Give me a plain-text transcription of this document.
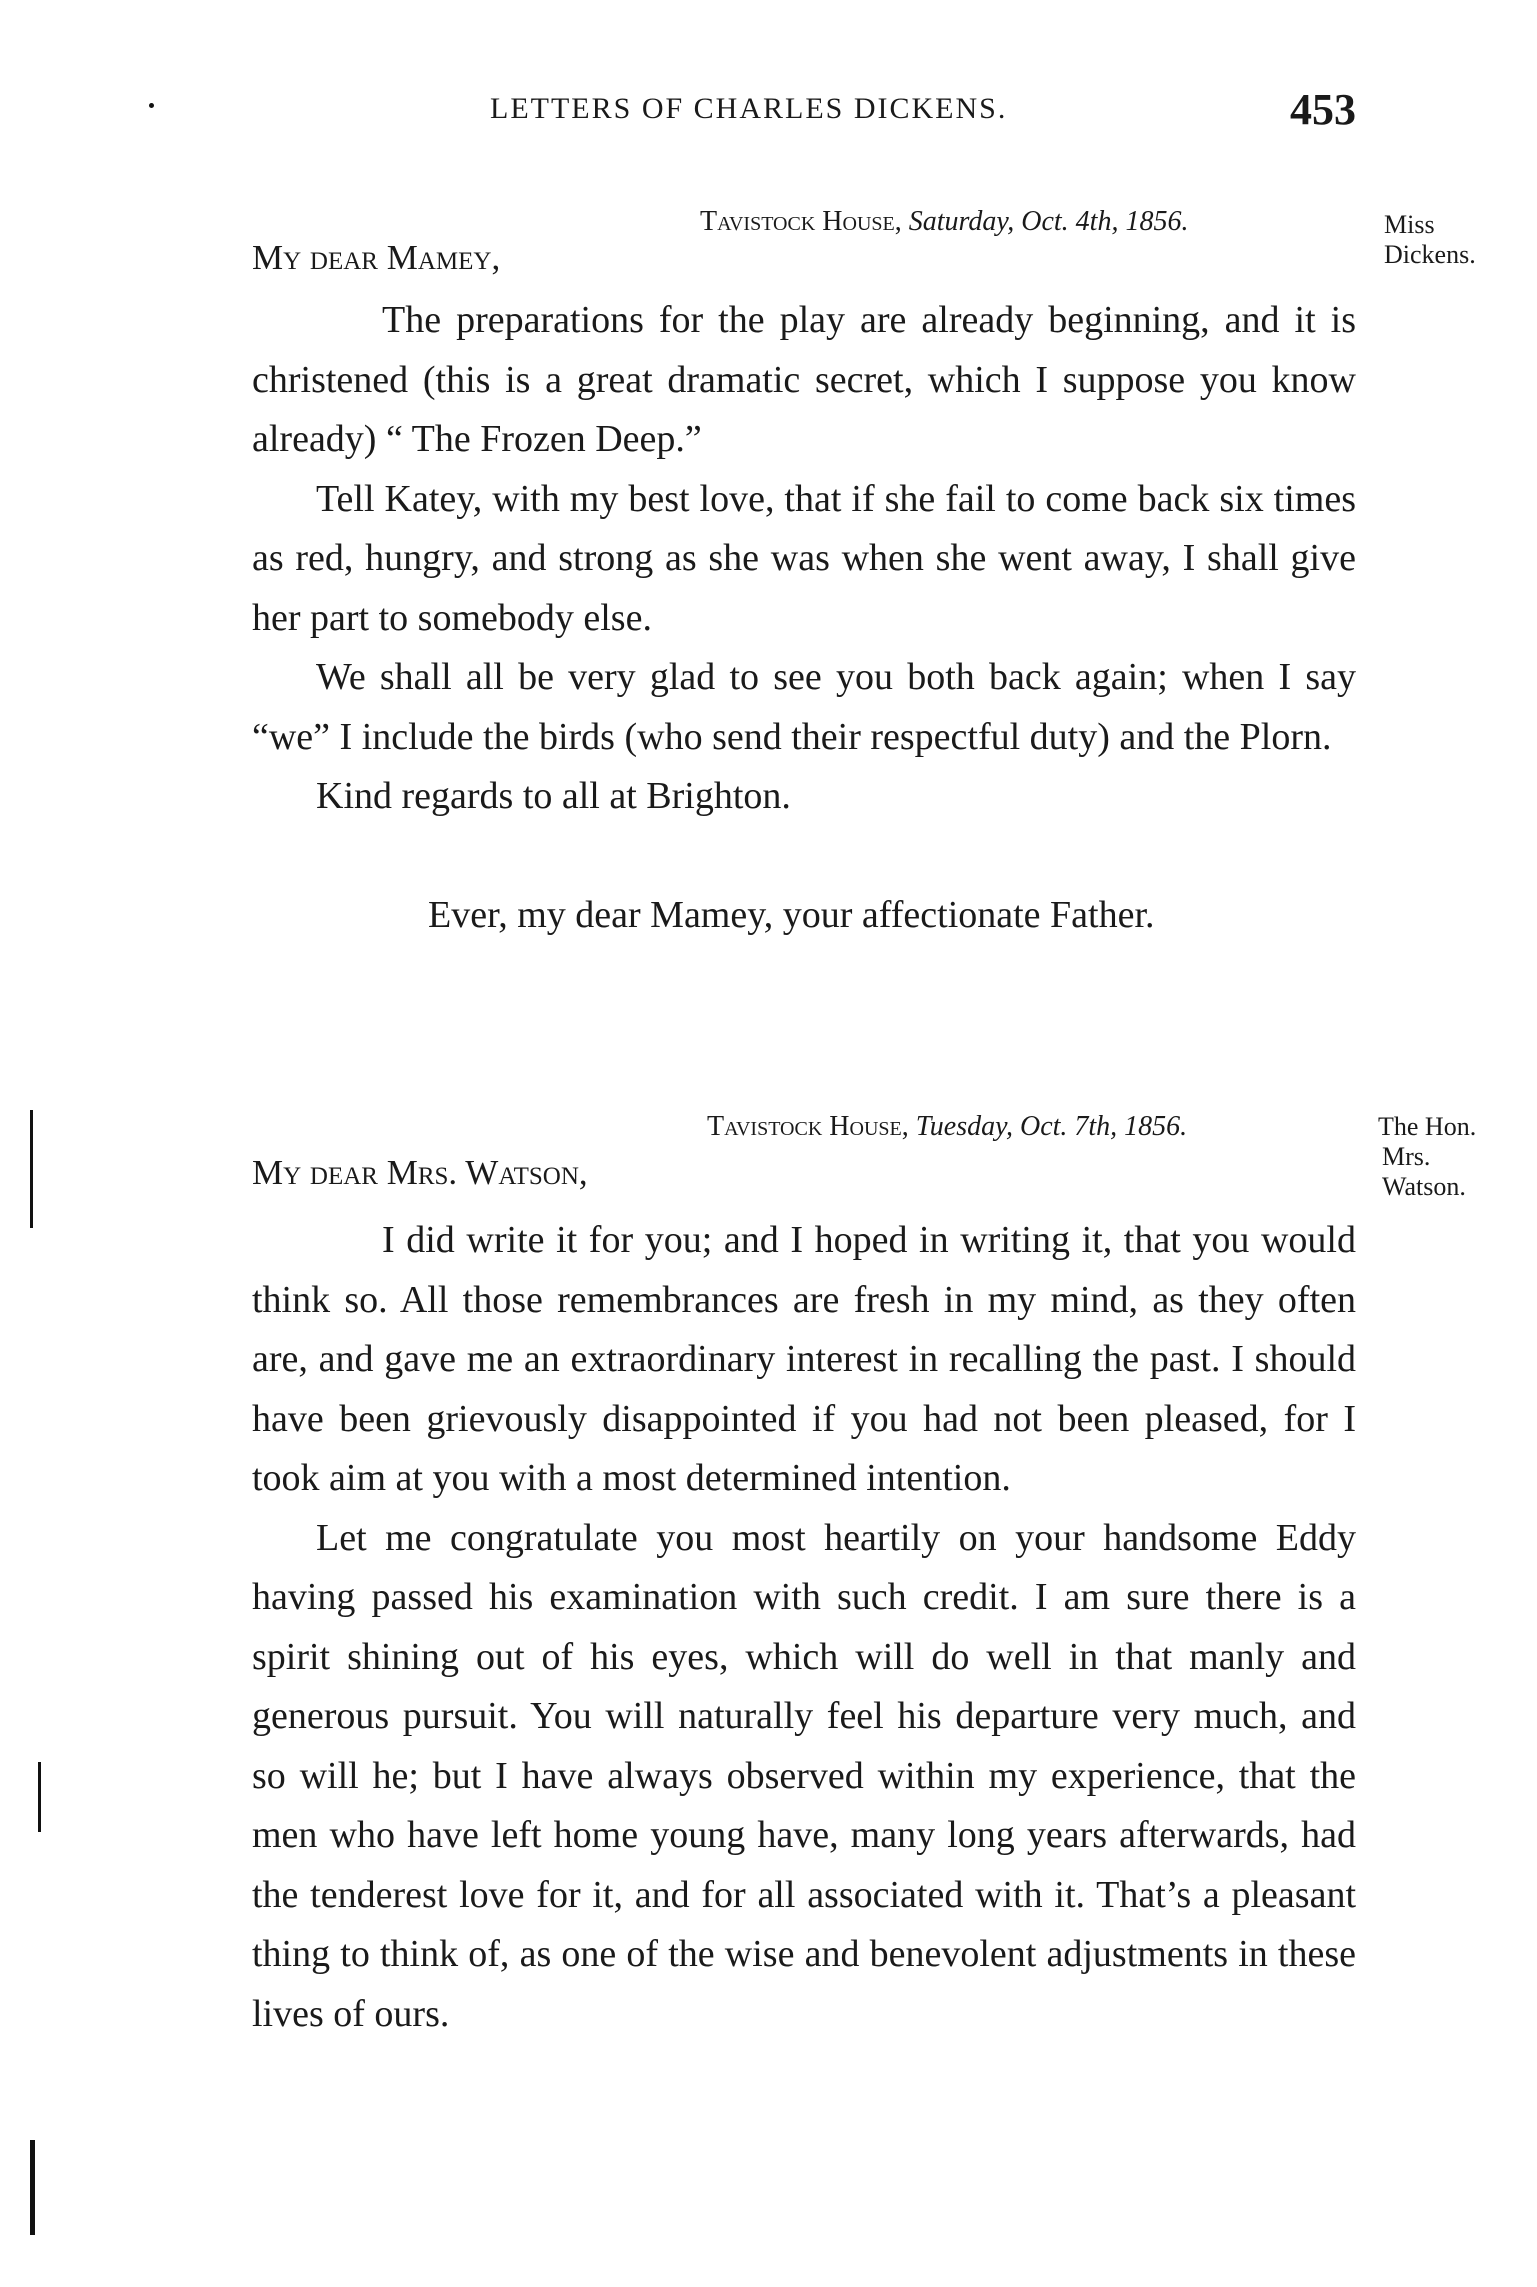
LETTERS OF CHARLES DICKENS.	453
Tavistock House, Saturday, Oct. 4th, 1856.	Miss
Dickens.
My dear Mamey,

The preparations for the play are already beginning, and it is christened (this is a great dramatic secret, which I suppose you know already) “ The Frozen Deep.”

Tell Katey, with my best love, that if she fail to come back six times as red, hungry, and strong as she was when she went away, I shall give her part to somebody else.

We shall all be very glad to see you both back again; when I say “we” I include the birds (who send their respectful duty) and the Plorn.

Kind regards to all at Brighton.

Ever, my dear Mamey, your affectionate Father.
Tavistock House, Tuesday, Oct. 7th, 1856.	The Hon.
Mrs.
Watson.
My dear Mrs. Watson,

I did write it for you; and I hoped in writing it, that you would think so. All those remembrances are fresh in my mind, as they often are, and gave me an extraordinary interest in recalling the past. I should have been grievously disappointed if you had not been pleased, for I took aim at you with a most determined intention.

Let me congratulate you most heartily on your handsome Eddy having passed his examination with such credit. I am sure there is a spirit shining out of his eyes, which will do well in that manly and generous pursuit. You will naturally feel his departure very much, and so will he; but I have always observed within my experience, that the men who have left home young have, many long years afterwards, had the tenderest love for it, and for all associated with it. That’s a pleasant thing to think of, as one of the wise and benevolent adjustments in these lives of ours.
